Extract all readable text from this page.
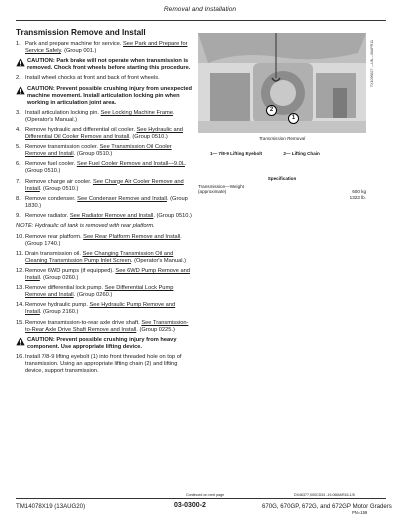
Removal and Installation
Transmission Remove and Install
1. Park and prepare machine for service. See Park and Prepare for Service Safely. (Group 001.)
CAUTION: Park brake will not operate when transmission is removed. Chock front wheels before starting this procedure.
2. Install wheel chocks at front and back of front wheels.
CAUTION: Prevent possible crushing injury from unexpected machine movement. Install articulation locking pin when working in articulation joint area.
3. Install articulation locking pin. See Locking Machine Frame. (Operator's Manual.)
4. Remove hydraulic and differential oil cooler. See Hydraulic and Differential Oil Cooler Remove and Install. (Group 0510.)
5. Remove transmission cooler. See Transmission Oil Cooler Remove and Install. (Group 0510.)
6. Remove fuel cooler. See Fuel Cooler Remove and Install—9.0L. (Group 0510.)
7. Remove charge air cooler. See Charge Air Cooler Remove and Install. (Group 0510.)
8. Remove condenser. See Condenser Remove and Install. (Group 1830.)
9. Remove radiator. See Radiator Remove and Install. (Group 0510.)
NOTE: Hydraulic oil tank is removed with rear platform.
10. Remove rear platform. See Rear Platform Remove and Install. (Group 1740.)
11. Drain transmission oil. See Changing Transmission Oil and Cleaning Transmission Pump Inlet Screen. (Operator's Manual.)
12. Remove 6WD pumps (if equipped). See 6WD Pump Remove and Install. (Group 0260.)
13. Remove differential lock pump. See Differential Lock Pump Remove and Install. (Group 0260.)
14. Remove hydraulic pump. See Hydraulic Pump Remove and Install. (Group 2160.)
15. Remove transmission-to-rear axle drive shaft. See Transmission-to-Rear Axle Drive Shaft Remove and Install. (Group 0225.)
CAUTION: Prevent possible crushing injury from heavy component. Use appropriate lifting device.
16. Install 7/8-9 lifting eyebolt (1) into front threaded hole on top of transmission. Using an appropriate lifting chain (2) and lifting device, support transmission.
2
1
TX1098827 —UN—06APR11
Transmission Removal
1— 7/8-9 Lifting Eyebolt	2— Lifting Chain
Specification
Transmission—Weight
(approximate)	600 kg
1323 lb.
Continued on next page	DX46377,000CD34 -19-06MAR16-1/5
TM14078X19 (13AUG20)	03-0300-2	670G, 670GP, 672G, and 672GP Motor Graders
PN=159
